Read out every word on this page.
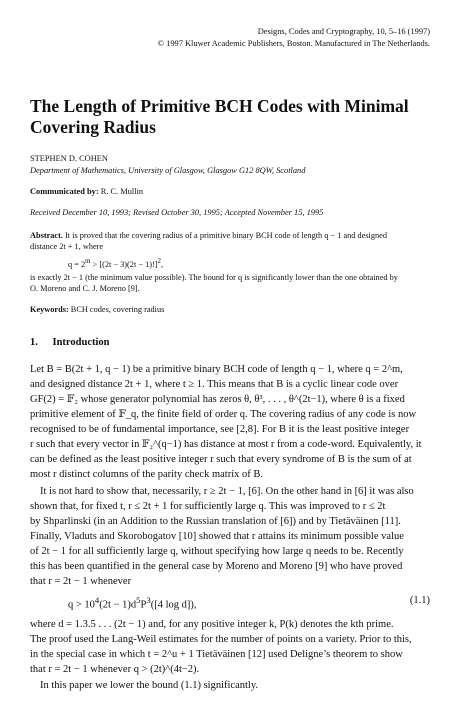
Designs, Codes and Cryptography, 10, 5–16 (1997)
© 1997 Kluwer Academic Publishers, Boston. Manufactured in The Netherlands.
The Length of Primitive BCH Codes with Minimal
Covering Radius
STEPHEN D. COHEN
Department of Mathematics, University of Glasgow, Glasgow G12 8QW, Scotland
Communicated by: R. C. Mullin
Received December 10, 1993; Revised October 30, 1995; Accepted November 15, 1995
Abstract. It is proved that the covering radius of a primitive binary BCH code of length q − 1 and designed
distance 2t + 1, where
$q = 2^m > [(2t - 3)(2t - 1)!]^2$,
is exactly 2t − 1 (the minimum value possible). The bound for q is significantly lower than the one obtained by
O. Moreno and C. J. Moreno [9].
Keywords: BCH codes, covering radius
1. Introduction
Let B = B(2t + 1, q − 1) be a primitive binary BCH code of length q − 1, where q = 2^m,
and designed distance 2t + 1, where t ≥ 1. This means that B is a cyclic linear code over
GF(2) = 𝔽₂ whose generator polynomial has zeros θ, θ³, . . . , θ^(2t−1), where θ is a fixed
primitive element of 𝔽_q, the finite field of order q. The covering radius of any code is now
recognised to be of fundamental importance, see [2,8]. For B it is the least positive integer
r such that every vector in 𝔽₂^(q−1) has distance at most r from a code-word. Equivalently, it
can be defined as the least positive integer r such that every syndrome of B is the sum of at
most r distinct columns of the parity check matrix of B.
It is not hard to show that, necessarily, r ≥ 2t − 1, [6]. On the other hand in [6] it was also
shown that, for fixed t, r ≤ 2t + 1 for sufficiently large q. This was improved to r ≤ 2t
by Shparlinski (in an Addition to the Russian translation of [6]) and by Tietäväinen [11].
Finally, Vladuts and Skorobogatov [10] showed that r attains its minimum possible value
of 2t − 1 for all sufficiently large q, without specifying how large q needs to be. Recently
this has been quantified in the general case by Moreno and Moreno [9] who have proved
that r = 2t − 1 whenever
$q > 10^4(2t - 1)d^5P^3([4$ log d]),	(1.1)
where d = 1.3.5 . . . (2t − 1) and, for any positive integer k, P(k) denotes the kth prime.
The proof used the Lang-Weil estimates for the number of points on a variety. Prior to this,
in the special case in which t = 2^u + 1 Tietäväinen [12] used Deligne’s theorem to show
that r = 2t − 1 whenever q > (2t)^(4t−2).
In this paper we lower the bound (1.1) significantly.
